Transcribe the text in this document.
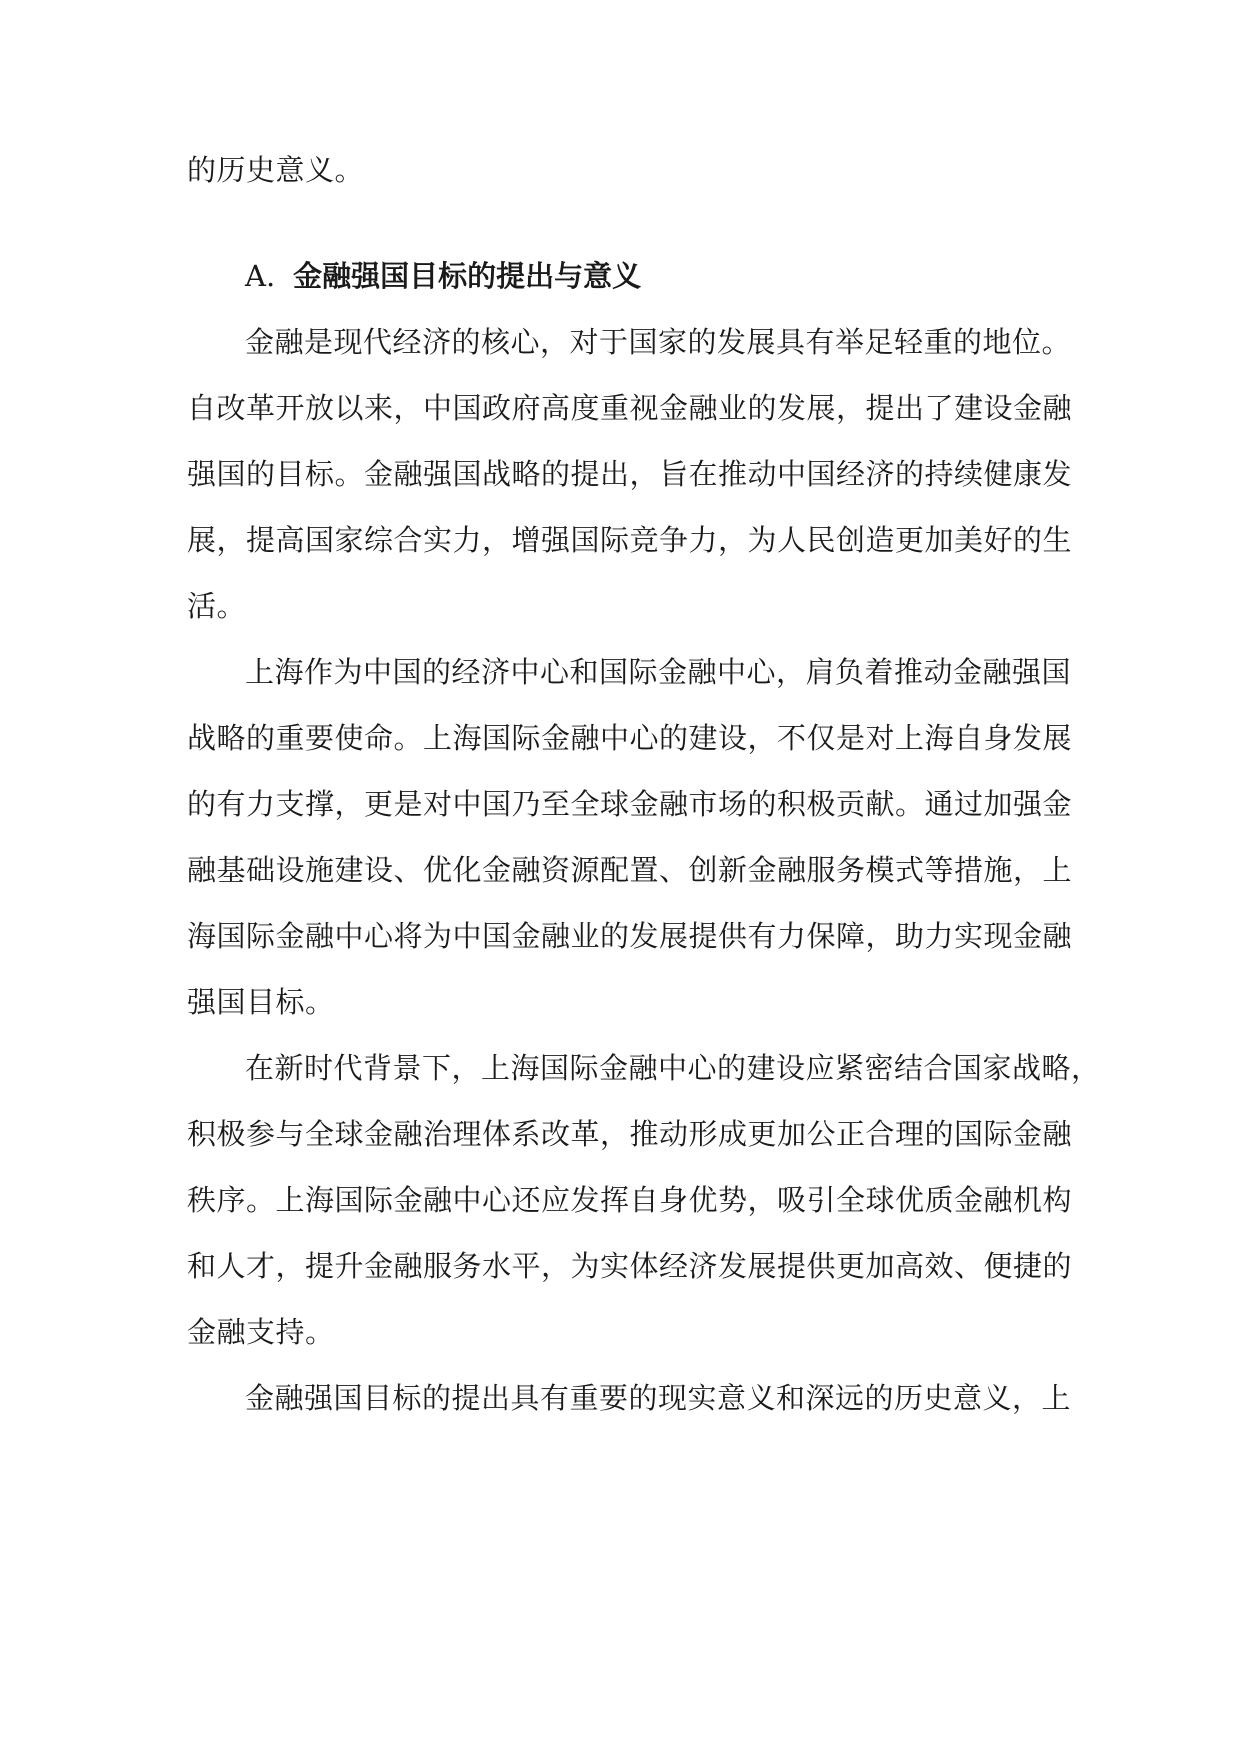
的历史意义。
A. 金融强国目标的提出与意义
金融是现代经济的核心，对于国家的发展具有举足轻重的地位。
自改革开放以来，中国政府高度重视金融业的发展，提出了建设金融
强国的目标。金融强国战略的提出，旨在推动中国经济的持续健康发
展，提高国家综合实力，增强国际竞争力，为人民创造更加美好的生
活。
上海作为中国的经济中心和国际金融中心，肩负着推动金融强国
战略的重要使命。上海国际金融中心的建设，不仅是对上海自身发展
的有力支撑，更是对中国乃至全球金融市场的积极贡献。通过加强金
融基础设施建设、优化金融资源配置、创新金融服务模式等措施，上
海国际金融中心将为中国金融业的发展提供有力保障，助力实现金融
强国目标。
在新时代背景下，上海国际金融中心的建设应紧密结合国家战略，
积极参与全球金融治理体系改革，推动形成更加公正合理的国际金融
秩序。上海国际金融中心还应发挥自身优势，吸引全球优质金融机构
和人才，提升金融服务水平，为实体经济发展提供更加高效、便捷的
金融支持。
金融强国目标的提出具有重要的现实意义和深远的历史意义，上
